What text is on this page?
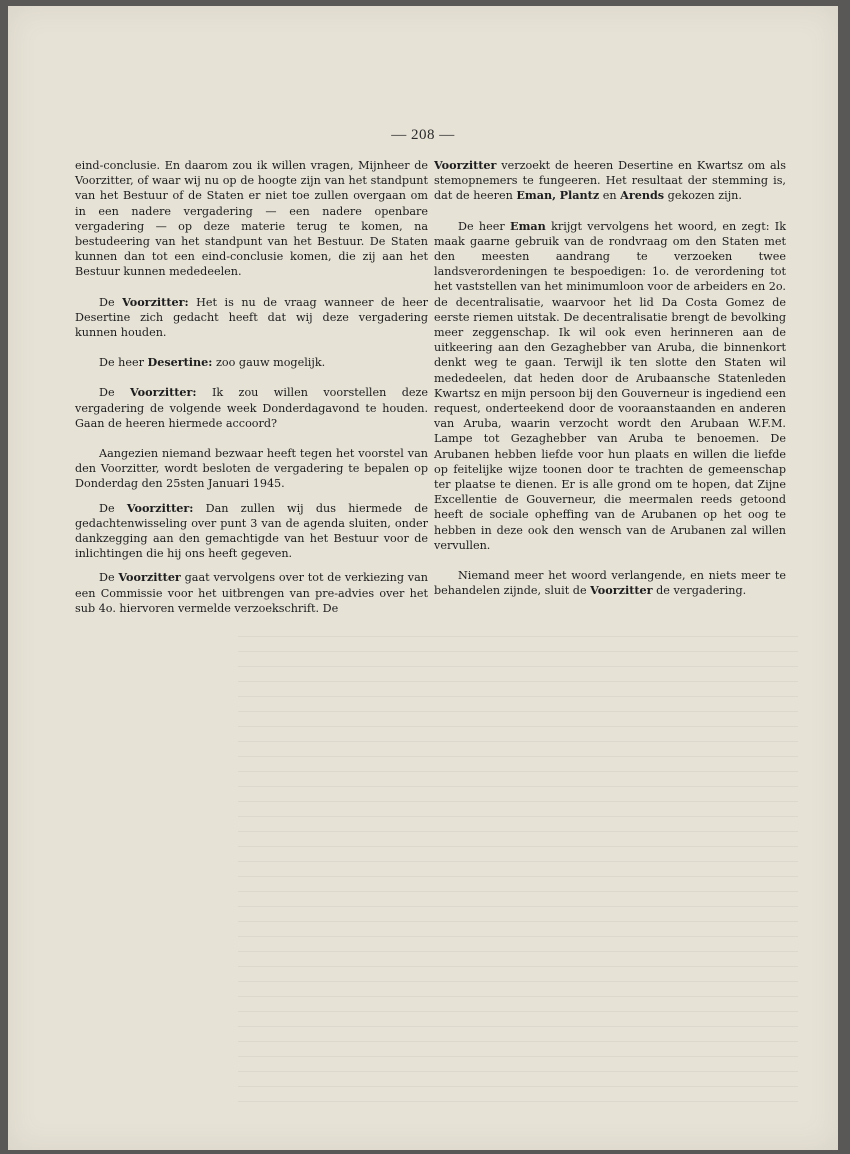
— 208 —

eind-conclusie. En daarom zou ik willen vragen, Mijnheer de Voorzitter, of waar wij nu op de hoogte zijn van het standpunt van het Bestuur of de Staten er niet toe zullen overgaan om in een nadere vergadering — een nadere openbare vergadering — op deze materie terug te komen, na bestudeering van het standpunt van het Bestuur. De Staten kunnen dan tot een eind-conclusie komen, die zij aan het Bestuur kunnen mededeelen.

De Voorzitter: Het is nu de vraag wanneer de heer Desertine zich gedacht heeft dat wij deze vergadering kunnen houden.

De heer Desertine: zoo gauw mogelijk.

De Voorzitter: Ik zou willen voorstellen deze vergadering de volgende week Donderdagavond te houden. Gaan de heeren hiermede accoord?

Aangezien niemand bezwaar heeft tegen het voorstel van den Voorzitter, wordt besloten de vergadering te bepalen op Donderdag den 25sten Januari 1945.

De Voorzitter: Dan zullen wij dus hiermede de gedachtenwisseling over punt 3 van de agenda sluiten, onder dankzegging aan den gemachtigde van het Bestuur voor de inlichtingen die hij ons heeft gegeven.

De Voorzitter gaat vervolgens over tot de verkiezing van een Commissie voor het uitbrengen van pre-advies over het sub 4o. hiervoren vermelde verzoekschrift. De

Voorzitter verzoekt de heeren Desertine en Kwartsz om als stemopnemers te fungeeren. Het resultaat der stemming is, dat de heeren Eman, Plantz en Arends gekozen zijn.

De heer Eman krijgt vervolgens het woord, en zegt: Ik maak gaarne gebruik van de rondvraag om den Staten met den meesten aandrang te verzoeken twee landsverordeningen te bespoedigen: 1o. de verordening tot het vaststellen van het minimumloon voor de arbeiders en 2o. de decentralisatie, waarvoor het lid Da Costa Gomez de eerste riemen uitstak. De decentralisatie brengt de bevolking meer zeggenschap. Ik wil ook even herinneren aan de uitkeering aan den Gezaghebber van Aruba, die binnenkort denkt weg te gaan. Terwijl ik ten slotte den Staten wil mededeelen, dat heden door de Arubaansche Statenleden Kwartsz en mijn persoon bij den Gouverneur is ingediend een request, onderteekend door de vooraanstaanden en anderen van Aruba, waarin verzocht wordt den Arubaan W.F.M. Lampe tot Gezaghebber van Aruba te benoemen. De Arubanen hebben liefde voor hun plaats en willen die liefde op feitelijke wijze toonen door te trachten de gemeenschap ter plaatse te dienen. Er is alle grond om te hopen, dat Zijne Excellentie de Gouverneur, die meermalen reeds getoond heeft de sociale opheffing van de Arubanen op het oog te hebben in deze ook den wensch van de Arubanen zal willen vervullen.

Niemand meer het woord verlangende, en niets meer te behandelen zijnde, sluit de Voorzitter de vergadering.
